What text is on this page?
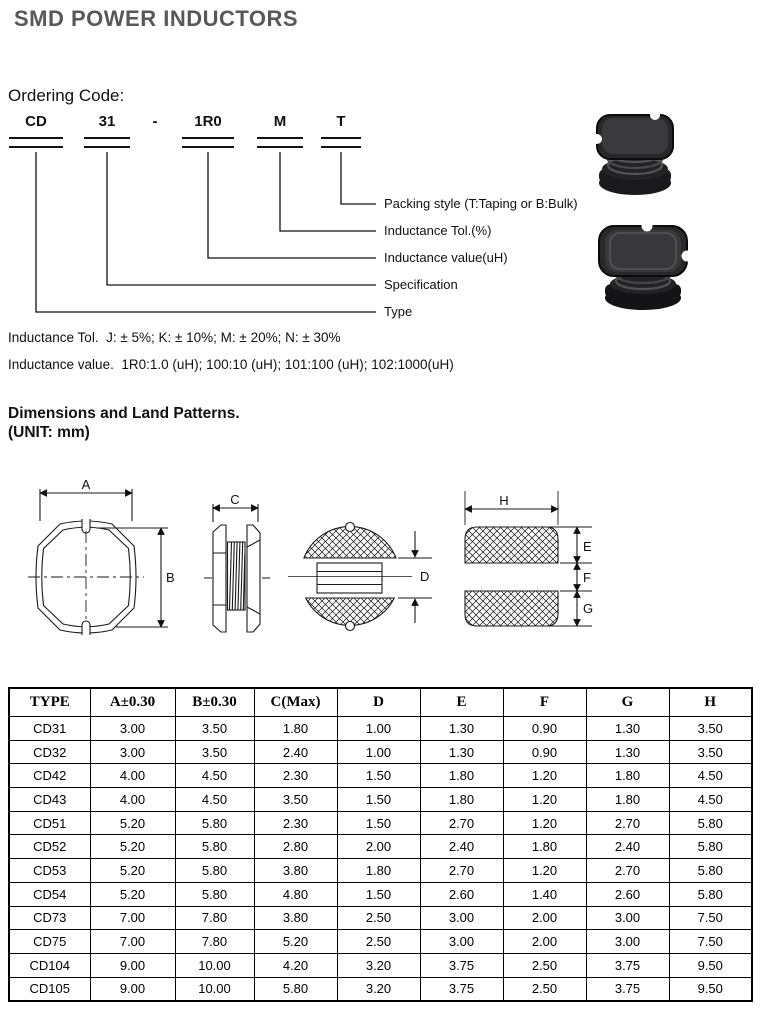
SMD POWER INDUCTORS
Ordering Code:
CD	31	-	1R0	M	T
Packing style (T:Taping or B:Bulk)
Inductance Tol.(%)
Inductance value(uH)
Specification
Type
Inductance Tol.  J: ± 5%; K: ± 10%; M: ± 20%; N: ± 30%
Inductance value.  1R0:1.0 (uH); 100:10 (uH); 101:100 (uH); 102:1000(uH)
Dimensions and Land Patterns.
(UNIT: mm)
A
B
C
D
H
E
F
G
TYPE	A±0.30	B±0.30	C(Max)	D	E	F	G	H
CD31	3.00	3.50	1.80	1.00	1.30	0.90	1.30	3.50
CD32	3.00	3.50	2.40	1.00	1.30	0.90	1.30	3.50
CD42	4.00	4.50	2.30	1.50	1.80	1.20	1.80	4.50
CD43	4.00	4.50	3.50	1.50	1.80	1.20	1.80	4.50
CD51	5.20	5.80	2.30	1.50	2.70	1.20	2.70	5.80
CD52	5.20	5.80	2.80	2.00	2.40	1.80	2.40	5.80
CD53	5.20	5.80	3.80	1.80	2.70	1.20	2.70	5.80
CD54	5.20	5.80	4.80	1.50	2.60	1.40	2.60	5.80
CD73	7.00	7.80	3.80	2.50	3.00	2.00	3.00	7.50
CD75	7.00	7.80	5.20	2.50	3.00	2.00	3.00	7.50
CD104	9.00	10.00	4.20	3.20	3.75	2.50	3.75	9.50
CD105	9.00	10.00	5.80	3.20	3.75	2.50	3.75	9.50
